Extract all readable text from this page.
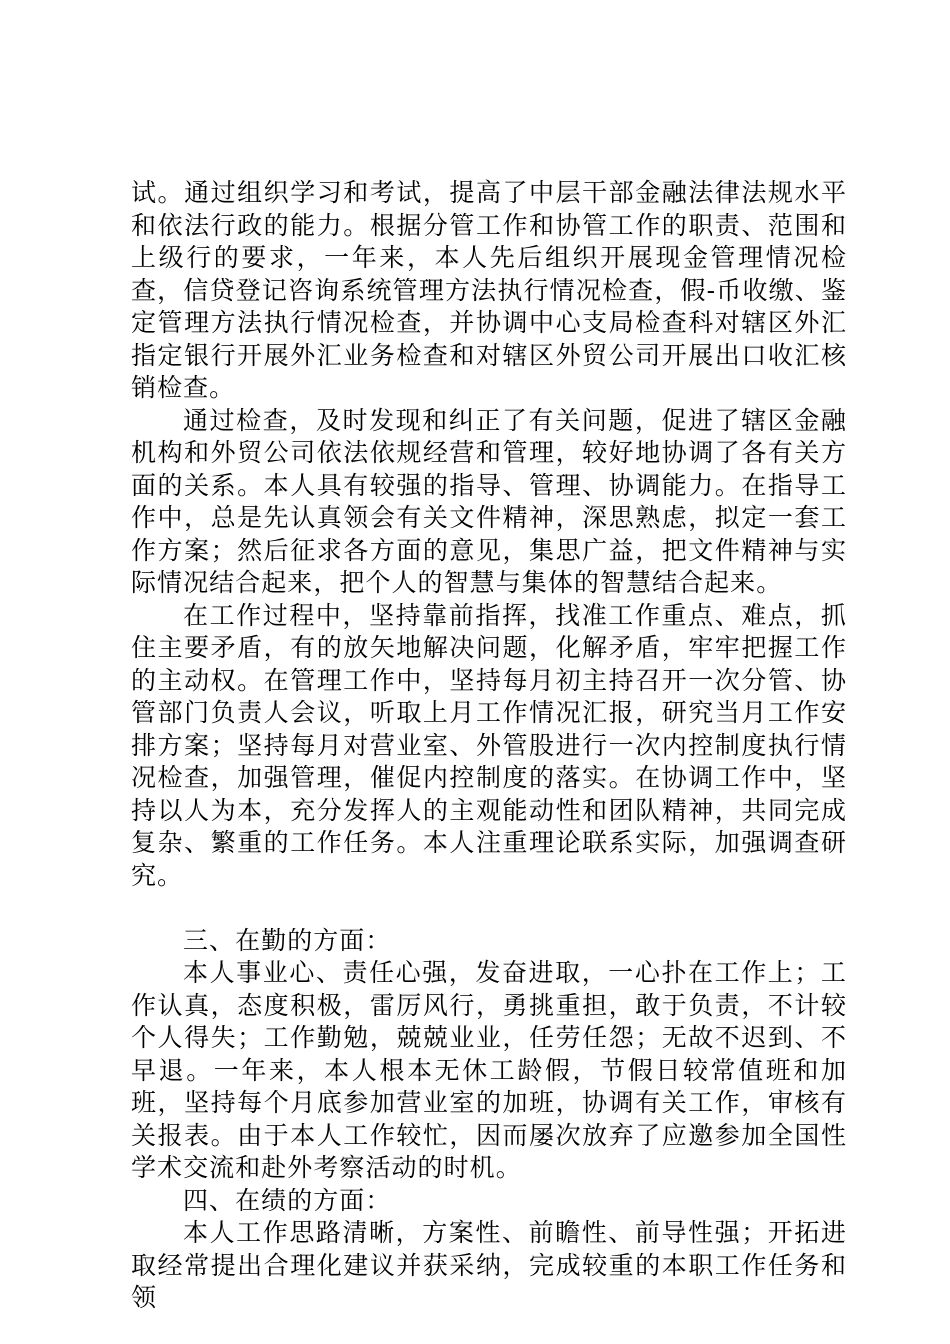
试。通过组织学习和考试，提高了中层干部金融法律法规水平和依法行政的能力。根据分管工作和协管工作的职责、范围和上级行的要求，一年来，本人先后组织开展现金管理情况检查，信贷登记咨询系统管理方法执行情况检查，假-币收缴、鉴定管理方法执行情况检查，并协调中心支局检查科对辖区外汇指定银行开展外汇业务检查和对辖区外贸公司开展出口收汇核销检查。

通过检查，及时发现和纠正了有关问题，促进了辖区金融机构和外贸公司依法依规经营和管理，较好地协调了各有关方面的关系。本人具有较强的指导、管理、协调能力。在指导工作中，总是先认真领会有关文件精神，深思熟虑，拟定一套工作方案；然后征求各方面的意见，集思广益，把文件精神与实际情况结合起来，把个人的智慧与集体的智慧结合起来。

在工作过程中，坚持靠前指挥，找准工作重点、难点，抓住主要矛盾，有的放矢地解决问题，化解矛盾，牢牢把握工作的主动权。在管理工作中，坚持每月初主持召开一次分管、协管部门负责人会议，听取上月工作情况汇报，研究当月工作安排方案；坚持每月对营业室、外管股进行一次内控制度执行情况检查，加强管理，催促内控制度的落实。在协调工作中，坚持以人为本，充分发挥人的主观能动性和团队精神，共同完成复杂、繁重的工作任务。本人注重理论联系实际，加强调查研究。

三、在勤的方面：

本人事业心、责任心强，发奋进取，一心扑在工作上；工作认真，态度积极，雷厉风行，勇挑重担，敢于负责，不计较个人得失；工作勤勉，兢兢业业，任劳任怨；无故不迟到、不早退。一年来，本人根本无休工龄假，节假日较常值班和加班，坚持每个月底参加营业室的加班，协调有关工作，审核有关报表。由于本人工作较忙，因而屡次放弃了应邀参加全国性学术交流和赴外考察活动的时机。

四、在绩的方面：

本人工作思路清晰，方案性、前瞻性、前导性强；开拓进取经常提出合理化建议并获采纳，完成较重的本职工作任务和领
